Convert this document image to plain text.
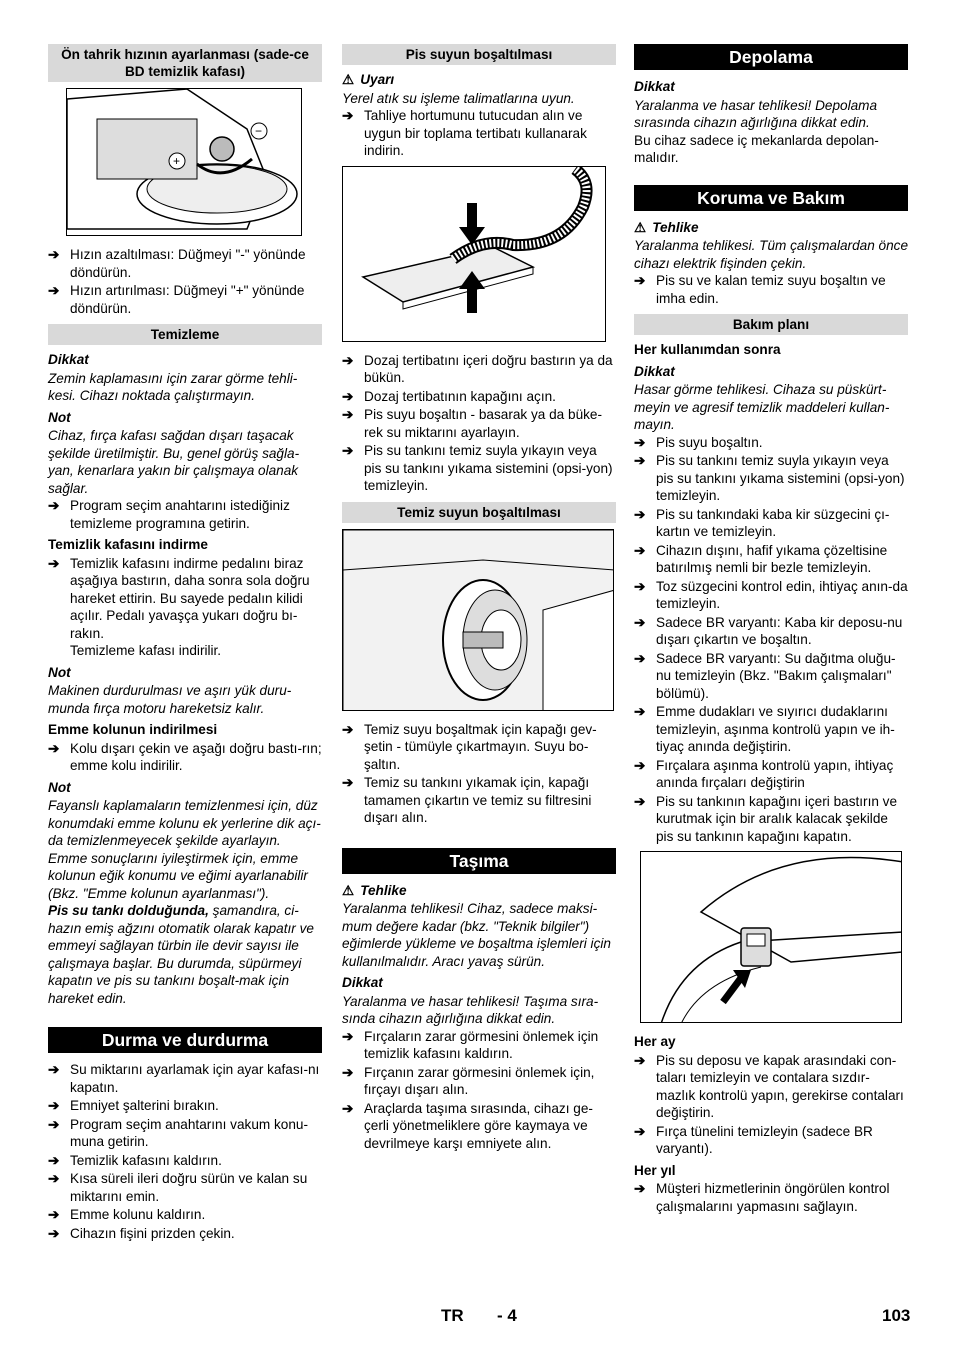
Ön tahrik hızının ayarlanması (sade-ce BD temizlik kafası)
+
−
➔ Hızın azaltılması: Düğmeyi "-" yönünde döndürün.
➔ Hızın artırılması: Düğmeyi "+" yönünde döndürün.
Temizleme
Dikkat

Zemin kaplamasını için zarar görme tehli-kesi. Cihazı noktada çalıştırmayın.

Not

Cihaz, fırça kafası sağdan dışarı taşacak şekilde üretilmiştir. Bu, genel görüş sağla-yan, kenarlara yakın bir çalışmaya olanak sağlar.

➔ Program seçim anahtarını istediğiniz temizleme programına getirin.
Temizlik kafasını indirme
➔ Temizlik kafasını indirme pedalını biraz aşağıya bastırın, daha sonra sola doğru hareket ettirin. Bu sayede pedalın kilidi açılır. Pedalı yavaşça yukarı doğru bı-rakın.
Temizleme kafası indirilir.
Not

Makinen durdurulması ve aşırı yük duru-munda fırça motoru hareketsiz kalır.

Emme kolunun indirilmesi
➔ Kolu dışarı çekin ve aşağı doğru bastı-rın; emme kolu indirilir.
Not

Fayanslı kaplamaların temizlenmesi için, düz konumdaki emme kolunu ek yerlerine dik açı-da temizlenmeyecek şekilde ayarlayın. Emme sonuçlarını iyileştirmek için, emme kolunun eğik konumu ve eğimi ayarlanabilir (Bkz. "Emme kolunun ayarlanması").
Pis su tankı dolduğunda, şamandıra, ci-hazın emiş ağzını otomatik olarak kapatır ve emmeyi sağlayan türbin ile devir sayısı ile çalışmaya başlar. Bu durumda, süpürmeyi kapatın ve pis su tankını boşalt-mak için hareket edin.

Durma ve durdurma
➔ Su miktarını ayarlamak için ayar kafası-nı kapatın.
➔ Emniyet şalterini bırakın.
➔ Program seçim anahtarını vakum konu-muna getirin.
➔ Temizlik kafasını kaldırın.
➔ Kısa süreli ileri doğru sürün ve kalan su miktarını emin.
➔ Emme kolunu kaldırın.
➔ Cihazın fişini prizden çekin.
Pis suyun boşaltılması
⚠ Uyarı

Yerel atık su işleme talimatlarına uyun.

➔ Tahliye hortumunu tutucudan alın ve uygun bir toplama tertibatı kullanarak indirin.
➔ Dozaj tertibatını içeri doğru bastırın ya da bükün.
➔ Dozaj tertibatının kapağını açın.
➔ Pis suyu boşaltın - basarak ya da büke-rek su miktarını ayarlayın.
➔ Pis su tankını temiz suyla yıkayın veya pis su tankını yıkama sistemini (opsi-yon) temizleyin.
Temiz suyun boşaltılması
➔ Temiz suyu boşaltmak için kapağı gev-şetin - tümüyle çıkartmayın. Suyu bo-şaltın.
➔ Temiz su tankını yıkamak için, kapağı tamamen çıkartın ve temiz su filtresini dışarı alın.
Taşıma
⚠ Tehlike

Yaralanma tehlikesi! Cihaz, sadece maksi-mum değere kadar (bkz. "Teknik bilgiler") eğimlerde yükleme ve boşaltma işlemleri için kullanılmalıdır. Aracı yavaş sürün.

Dikkat

Yaralanma ve hasar tehlikesi! Taşıma sıra-sında cihazın ağırlığına dikkat edin.

➔ Fırçaların zarar görmesini önlemek için temizlik kafasını kaldırın.
➔ Fırçanın zarar görmesini önlemek için, fırçayı dışarı alın.
➔ Araçlarda taşıma sırasında, cihazı ge-çerli yönetmeliklere göre kaymaya ve devrilmeye karşı emniyete alın.
Depolama
Dikkat

Yaralanma ve hasar tehlikesi! Depolama sırasında cihazın ağırlığına dikkat edin.

Bu cihaz sadece iç mekanlarda depolan-malıdır.

Koruma ve Bakım
⚠ Tehlike

Yaralanma tehlikesi. Tüm çalışmalardan önce cihazı elektrik fişinden çekin.

➔ Pis su ve kalan temiz suyu boşaltın ve imha edin.
Bakım planı
Her kullanımdan sonra
Dikkat

Hasar görme tehlikesi. Cihaza su püskürt-meyin ve agresif temizlik maddeleri kullan-mayın.

➔ Pis suyu boşaltın.
➔ Pis su tankını temiz suyla yıkayın veya pis su tankını yıkama sistemini (opsi-yon) temizleyin.
➔ Pis su tankındaki kaba kir süzgecini çı-kartın ve temizleyin.
➔ Cihazın dışını, hafif yıkama çözeltisine batırılmış nemli bir bezle temizleyin.
➔ Toz süzgecini kontrol edin, ihtiyaç anın-da temizleyin.
➔ Sadece BR varyantı: Kaba kir deposu-nu dışarı çıkartın ve boşaltın.
➔ Sadece BR varyantı: Su dağıtma oluğu-nu temizleyin (Bkz. "Bakım çalışmaları" bölümü).
➔ Emme dudakları ve sıyırıcı dudaklarını temizleyin, aşınma kontrolü yapın ve ih-tiyaç anında değiştirin.
➔ Fırçalara aşınma kontrolü yapın, ihtiyaç anında fırçaları değiştirin
➔ Pis su tankının kapağını içeri bastırın ve kurutmak için bir aralık kalacak şekilde pis su tankının kapağını kapatın.
Her ay
➔ Pis su deposu ve kapak arasındaki con-taları temizleyin ve contalara sızdır-mazlık kontrolü yapın, gerekirse contaları değiştirin.
➔ Fırça tünelini temizleyin (sadece BR varyantı).
Her yıl
➔ Müşteri hizmetlerinin öngörülen kontrol çalışmalarını yapmasını sağlayın.
TR - 4	103
